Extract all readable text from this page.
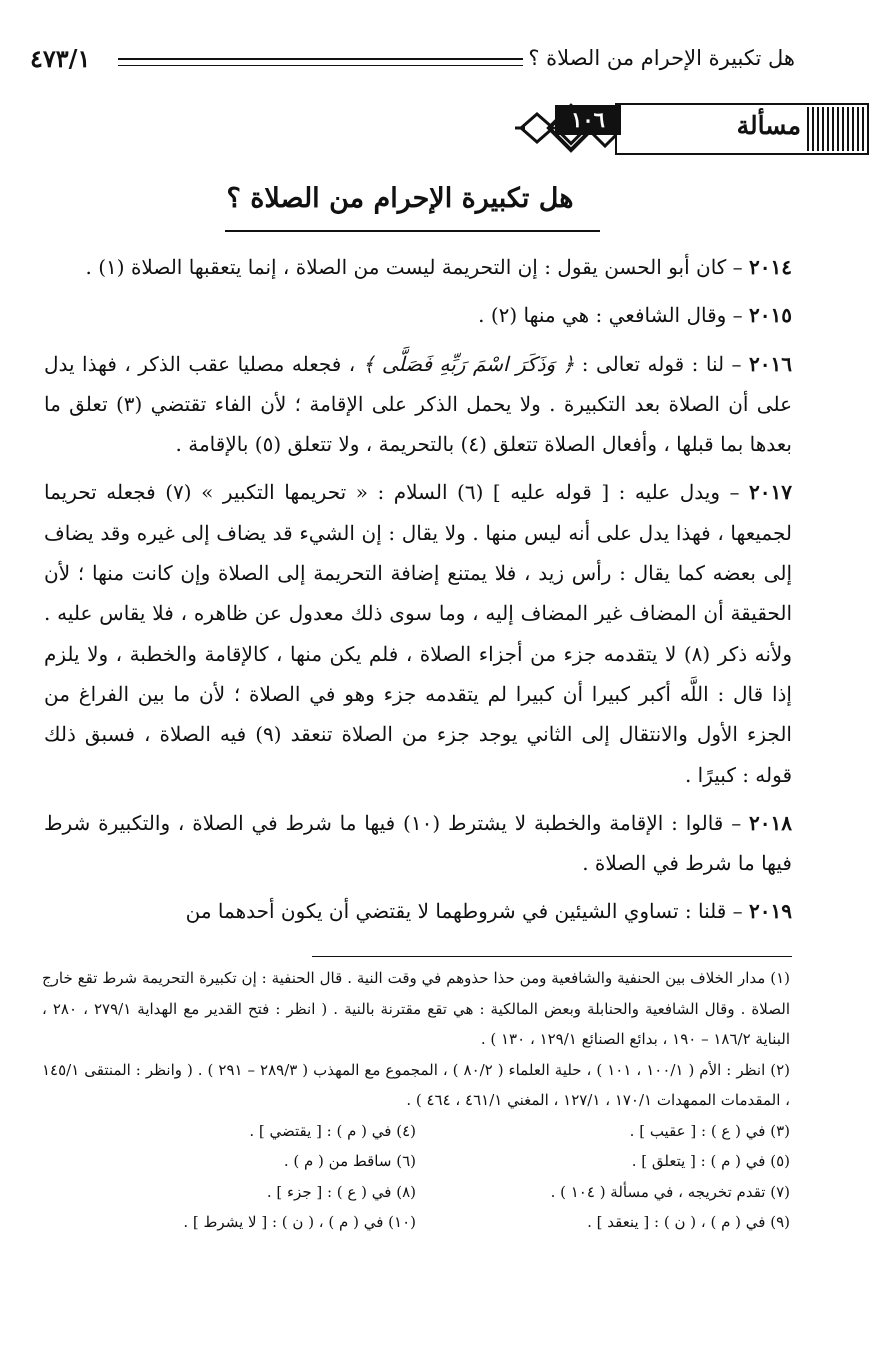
هل تكبيرة الإحرام من الصلاة ؟
٤٧٣/١
مسألة
١٠٦
هل تكبيرة الإحرام من الصلاة ؟

٢٠١٤ – كان أبو الحسن يقول : إن التحريمة ليست من الصلاة ، إنما يتعقبها الصلاة (١) .

٢٠١٥ – وقال الشافعي : هي منها (٢) .

٢٠١٦ – لنا : قوله تعالى : ﴿ وَذَكَرَ اسْمَ رَبِّهِ فَصَلَّى ﴾ ، فجعله مصليا عقب الذكر ، فهذا يدل على أن الصلاة بعد التكبيرة . ولا يحمل الذكر على الإقامة ؛ لأن الفاء تقتضي (٣) تعلق ما بعدها بما قبلها ، وأفعال الصلاة تتعلق (٤) بالتحريمة ، ولا تتعلق (٥) بالإقامة .

٢٠١٧ – ويدل عليه : [ قوله عليه ] (٦) السلام : « تحريمها التكبير » (٧) فجعله تحريما لجميعها ، فهذا يدل على أنه ليس منها . ولا يقال : إن الشيء قد يضاف إلى غيره وقد يضاف إلى بعضه كما يقال : رأس زيد ، فلا يمتنع إضافة التحريمة إلى الصلاة وإن كانت منها ؛ لأن الحقيقة أن المضاف غير المضاف إليه ، وما سوى ذلك معدول عن ظاهره ، فلا يقاس عليه . ولأنه ذكر (٨) لا يتقدمه جزء من أجزاء الصلاة ، فلم يكن منها ، كالإقامة والخطبة ، ولا يلزم إذا قال : اللَّه أكبر كبيرا أن كبيرا لم يتقدمه جزء وهو في الصلاة ؛ لأن ما بين الفراغ من الجزء الأول والانتقال إلى الثاني يوجد جزء من الصلاة تنعقد (٩) فيه الصلاة ، فسبق ذلك قوله : كبيرًا .

٢٠١٨ – قالوا : الإقامة والخطبة لا يشترط (١٠) فيها ما شرط في الصلاة ، والتكبيرة شرط فيها ما شرط في الصلاة .

٢٠١٩ – قلنا : تساوي الشيئين في شروطهما لا يقتضي أن يكون أحدهما من

(١) مدار الخلاف بين الحنفية والشافعية ومن حذا حذوهم في وقت النية . قال الحنفية : إن تكبيرة التحريمة شرط تقع خارج الصلاة . وقال الشافعية والحنابلة وبعض المالكية : هي تقع مقترنة بالنية . ( انظر : فتح القدير مع الهداية ٢٧٩/١ ، ٢٨٠ ، البناية ١٨٦/٢ – ١٩٠ ، بدائع الصنائع ١٢٩/١ ، ١٣٠ ) .

(٢) انظر : الأم ( ١٠٠/١ ، ١٠١ ) ، حلية العلماء ( ٨٠/٢ ) ، المجموع مع المهذب ( ٢٨٩/٣ – ٢٩١ ) . ( وانظر : المنتقى ١٤٥/١ ، المقدمات الممهدات ١٧٠/١ ، ١٢٧/١ ، المغني ٤٦١/١ ، ٤٦٤ ) .

(٣) في ( ع ) : [ عقيب ] .
(٤) في ( م ) : [ يقتضي ] .
(٥) في ( م ) : [ يتعلق ] .
(٦) ساقط من ( م ) .
(٧) تقدم تخريجه ، في مسألة ( ١٠٤ ) .
(٨) في ( ع ) : [ جزء ] .
(٩) في ( م ) ، ( ن ) : [ ينعقد ] .
(١٠) في ( م ) ، ( ن ) : [ لا يشرط ] .
